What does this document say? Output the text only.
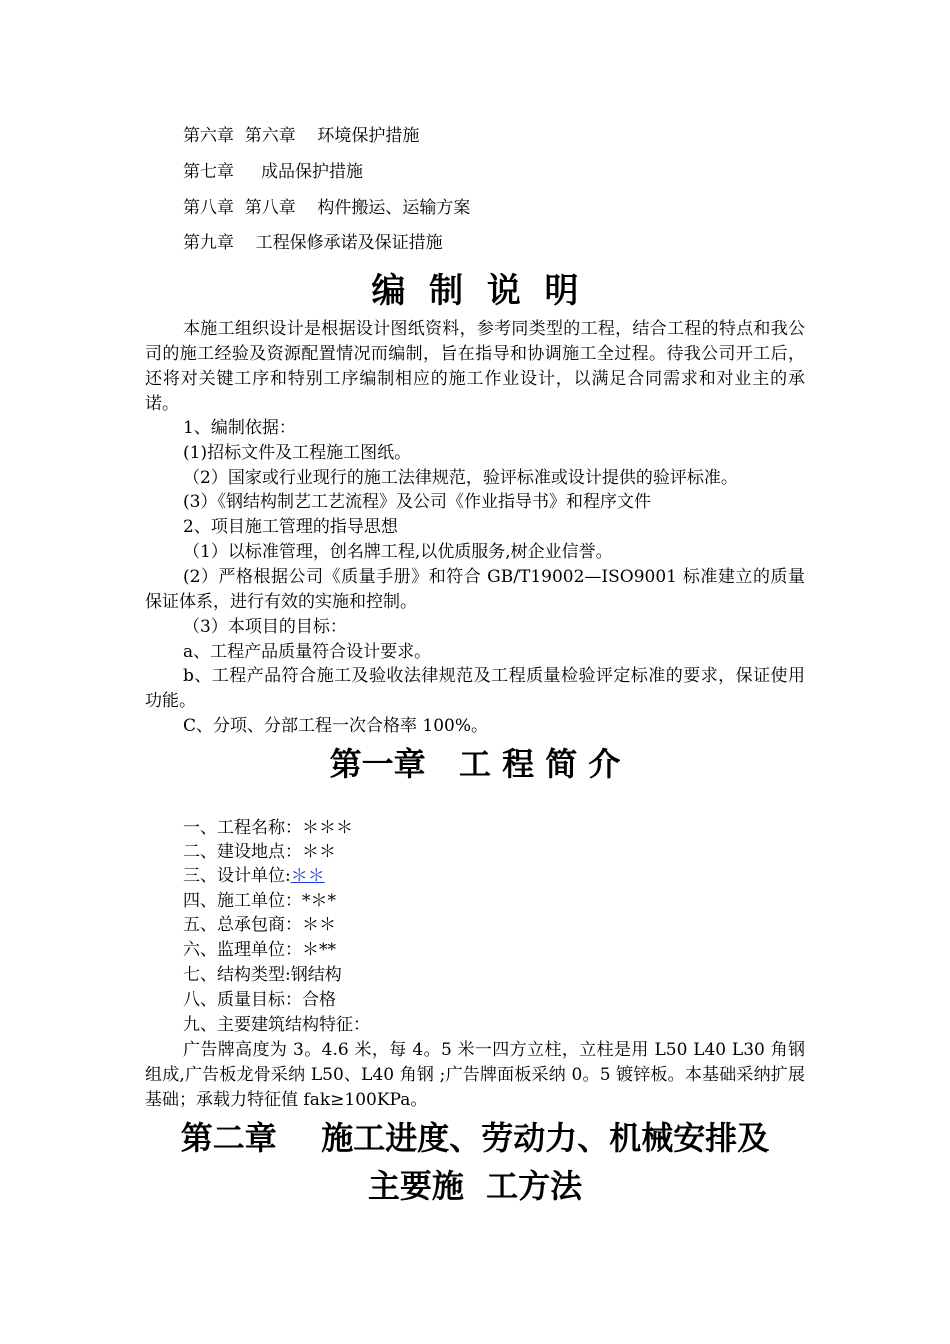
第六章  第六章    环境保护措施
第七章     成品保护措施
第八章  第八章    构件搬运、运输方案
第九章    工程保修承诺及保证措施
编  制  说  明
本施工组织设计是根据设计图纸资料，参考同类型的工程，结合工程的特点和我公司的施工经验及资源配置情况而编制，旨在指导和协调施工全过程。待我公司开工后，还将对关键工序和特别工序编制相应的施工作业设计，以满足合同需求和对业主的承诺。
1、编制依据：
(1)招标文件及工程施工图纸。
（2）国家或行业现行的施工法律规范，验评标准或设计提供的验评标准。
(3）《钢结构制艺工艺流程》及公司《作业指导书》和程序文件
2、项目施工管理的指导思想
（1）以标准管理，创名牌工程,以优质服务,树企业信誉。
(2）严格根据公司《质量手册》和符合 GB/T19002—ISO9001 标准建立的质量保证体系，进行有效的实施和控制。
（3）本项目的目标：
a、工程产品质量符合设计要求。
b、工程产品符合施工及验收法律规范及工程质量检验评定标准的要求，保证使用功能。
C、分项、分部工程一次合格率 100%。
第一章   工 程 简 介
一、工程名称：＊＊＊
二、建设地点：＊＊
三、设计单位:＊＊
四、施工单位：*＊*
五、总承包商：＊＊
六、监理单位：＊**
七、结构类型:钢结构
八、质量目标：合格
九、主要建筑结构特征：
广告牌高度为 3。4.6 米，每 4。5 米一四方立柱，立柱是用 L50 L40 L30 角钢组成,广告板龙骨采纳 L50、L40 角钢 ;广告牌面板采纳 0。5 镀锌板。本基础采纳扩展基础；承载力特征值 fak≥100KPa。
第二章    施工进度、劳动力、机械安排及
主要施  工方法
